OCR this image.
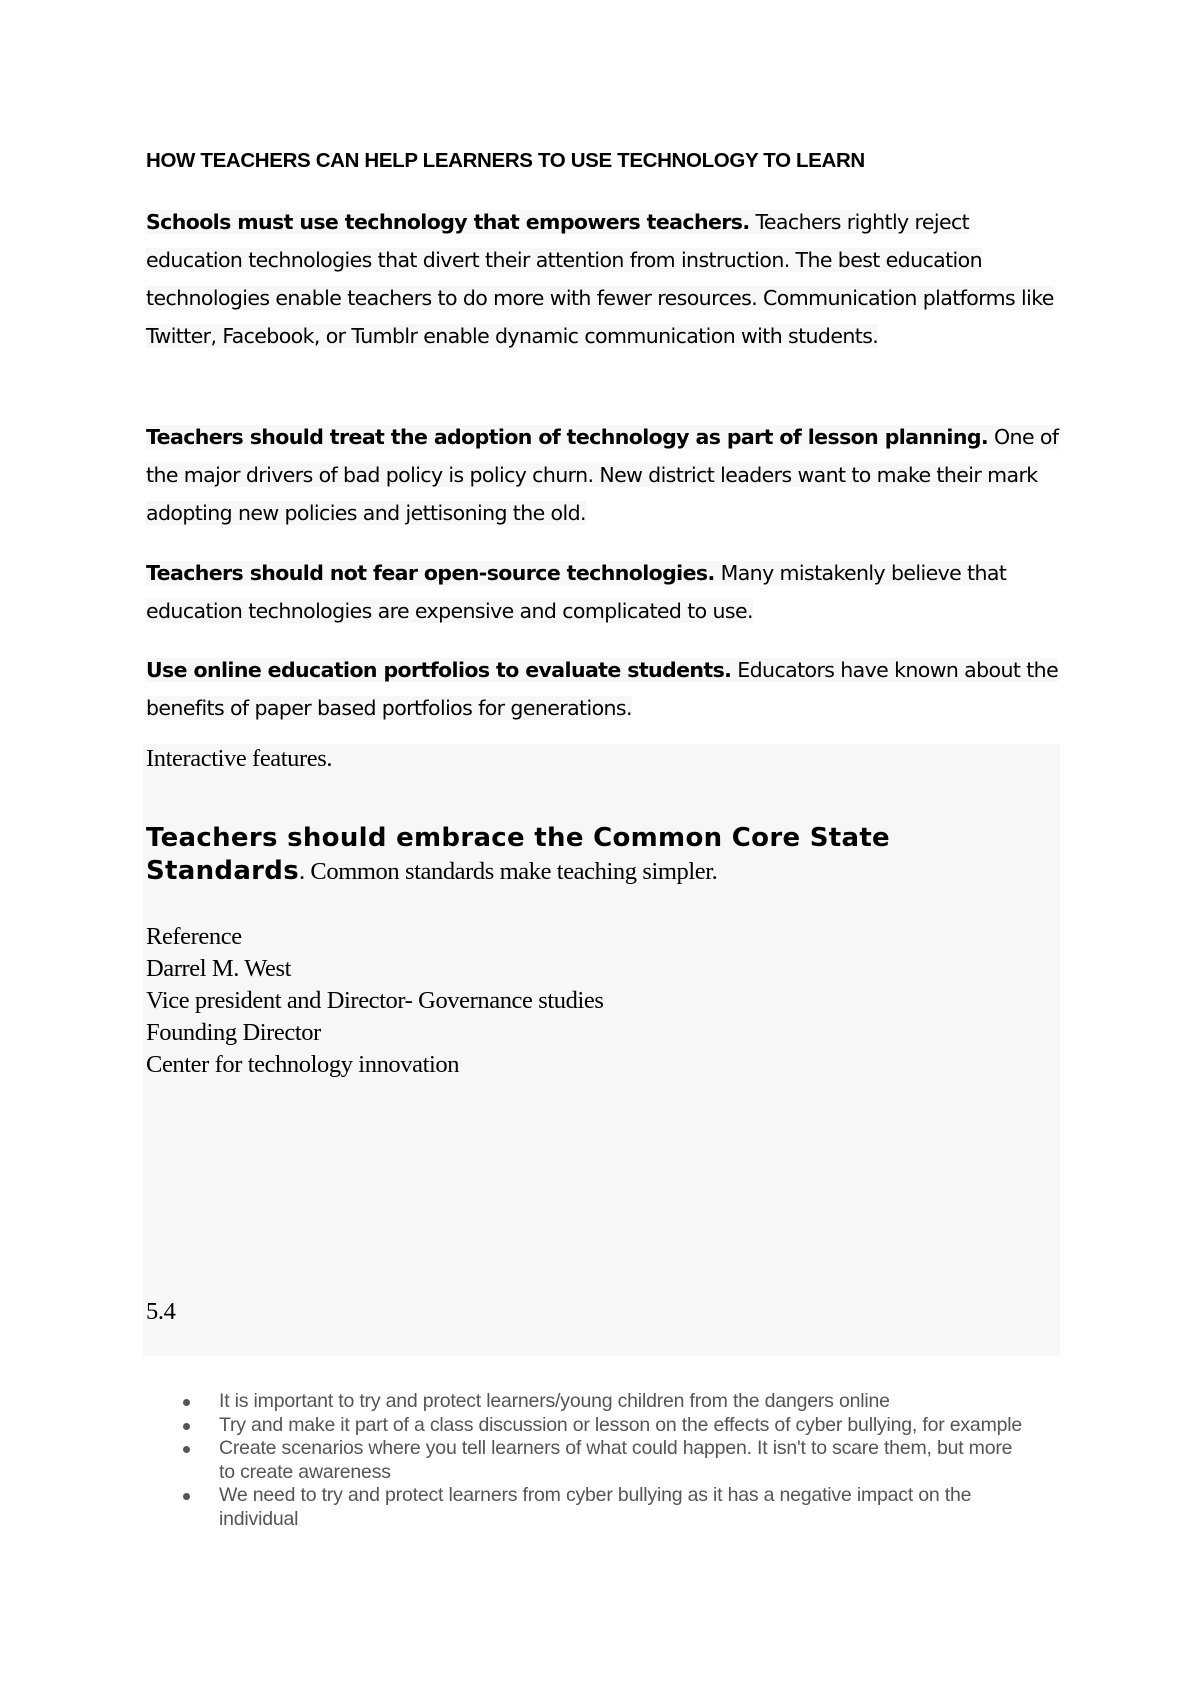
HOW TEACHERS CAN HELP LEARNERS TO USE TECHNOLOGY TO LEARN

Schools must use technology that empowers teachers. Teachers rightly reject education technologies that divert their attention from instruction. The best education technologies enable teachers to do more with fewer resources. Communication platforms like Twitter, Facebook, or Tumblr enable dynamic communication with students.

Teachers should treat the adoption of technology as part of lesson planning. One of the major drivers of bad policy is policy churn. New district leaders want to make their mark adopting new policies and jettisoning the old.

Teachers should not fear open-source technologies. Many mistakenly believe that education technologies are expensive and complicated to use.

Use online education portfolios to evaluate students. Educators have known about the benefits of paper based portfolios for generations.

Interactive features.

Teachers should embrace the Common Core State Standards. Common standards make teaching simpler.

Reference
Darrel M. West
Vice president and Director- Governance studies
Founding Director
Center for technology innovation
5.4
It is important to try and protect learners/young children from the dangers online
Try and make it part of a class discussion or lesson on the effects of cyber bullying, for example
Create scenarios where you tell learners of what could happen. It isn't to scare them, but more to create awareness
We need to try and protect learners from cyber bullying as it has a negative impact on the individual
